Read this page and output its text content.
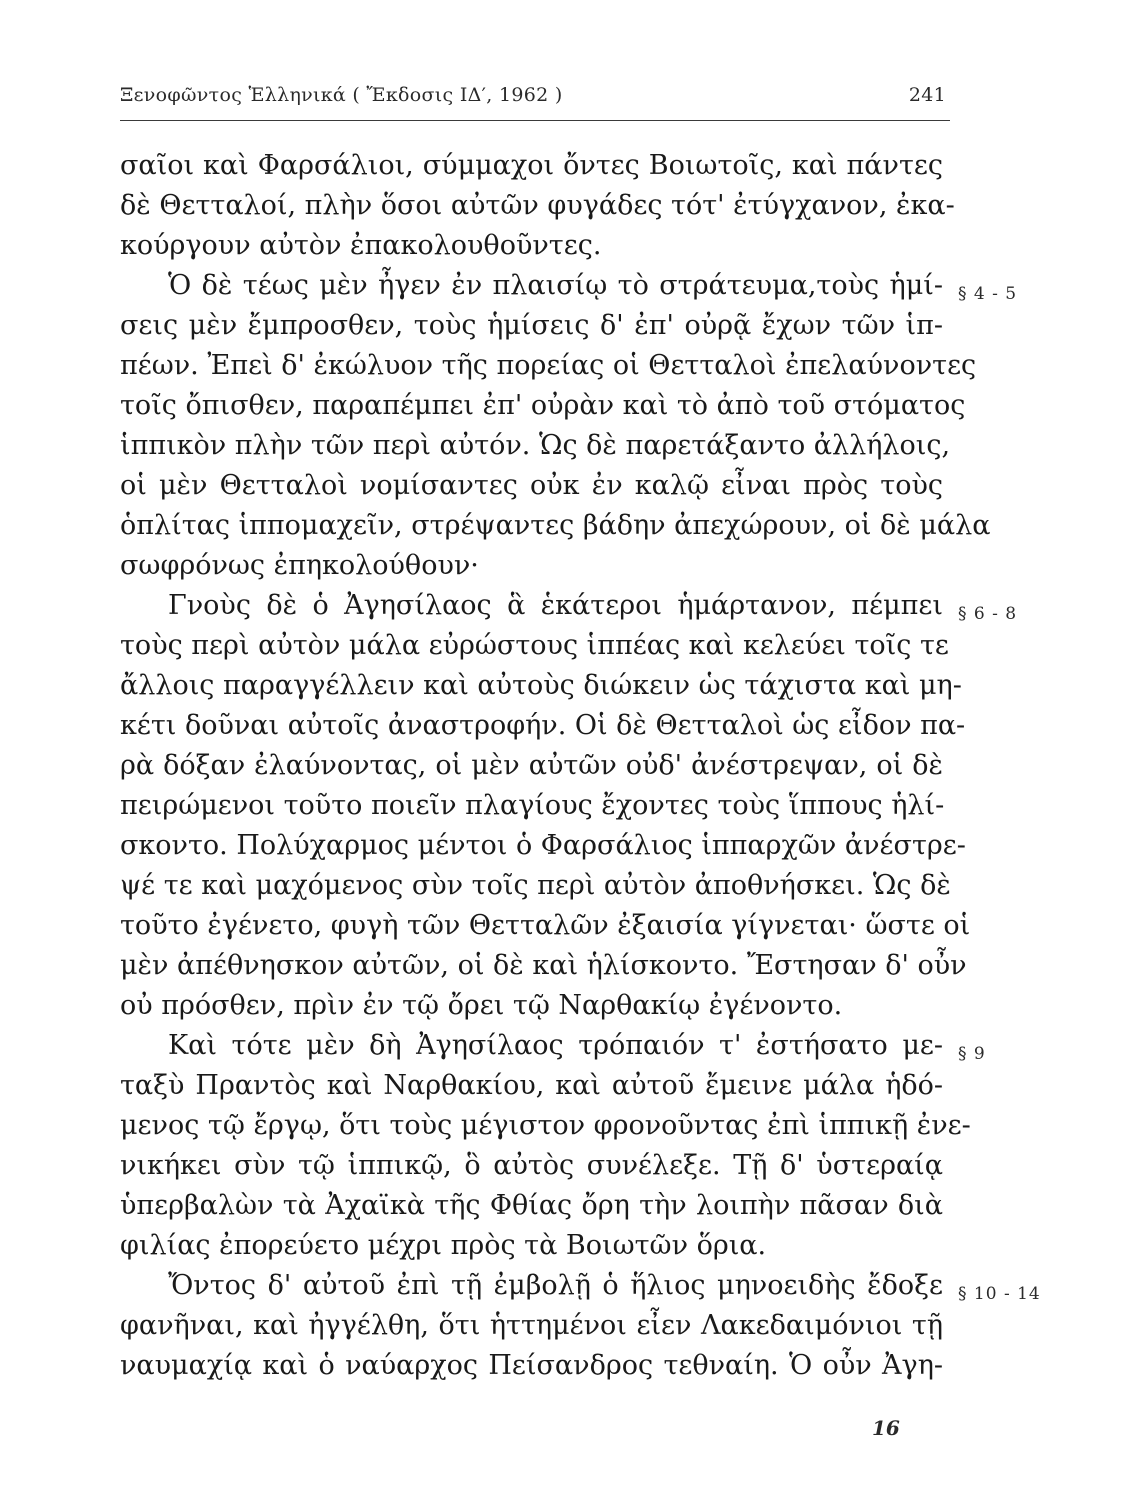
Ξενοφῶντος Ἑλληνικά ( Ἔκδοσις ΙΔ′, 1962 )	241
σαῖοι καὶ Φαρσάλιοι, σύμμαχοι ὄντες Βοιωτοῖς, καὶ πάντες
δὲ Θετταλοί, πλὴν ὅσοι αὐτῶν φυγάδες τότ' ἐτύγχανον, ἐκα-
κούργουν αὐτὸν ἐπακολουθοῦντες.
Ὁ δὲ τέως μὲν ἦγεν ἐν πλαισίῳ τὸ στράτευμα,τοὺς ἡμί-
σεις μὲν ἔμπροσθεν, τοὺς ἡμίσεις δ' ἐπ' οὐρᾷ ἔχων τῶν ἱπ-
πέων. Ἐπεὶ δ' ἐκώλυον τῆς πορείας οἱ Θετταλοὶ ἐπελαύνοντες
τοῖς ὄπισθεν, παραπέμπει ἐπ' οὐρὰν καὶ τὸ ἀπὸ τοῦ στόματος
ἱππικὸν πλὴν τῶν περὶ αὐτόν. Ὡς δὲ παρετάξαντο ἀλλήλοις,
οἱ μὲν Θετταλοὶ νομίσαντες οὐκ ἐν καλῷ εἶναι πρὸς τοὺς
ὁπλίτας ἱππομαχεῖν, στρέψαντες βάδην ἀπεχώρουν, οἱ δὲ μάλα
σωφρόνως ἐπηκολούθουν·
Γνοὺς δὲ ὁ Ἀγησίλαος ἃ ἑκάτεροι ἡμάρτανον, πέμπει
τοὺς περὶ αὐτὸν μάλα εὐρώστους ἱππέας καὶ κελεύει τοῖς τε
ἄλλοις παραγγέλλειν καὶ αὐτοὺς διώκειν ὡς τάχιστα καὶ μη-
κέτι δοῦναι αὐτοῖς ἀναστροφήν. Οἱ δὲ Θετταλοὶ ὡς εἶδον πα-
ρὰ δόξαν ἐλαύνοντας, οἱ μὲν αὐτῶν οὐδ' ἀνέστρεψαν, οἱ δὲ
πειρώμενοι τοῦτο ποιεῖν πλαγίους ἔχοντες τοὺς ἵππους ἡλί-
σκοντο. Πολύχαρμος μέντοι ὁ Φαρσάλιος ἱππαρχῶν ἀνέστρε-
ψέ τε καὶ μαχόμενος σὺν τοῖς περὶ αὐτὸν ἀποθνήσκει. Ὡς δὲ
τοῦτο ἐγένετο, φυγὴ τῶν Θετταλῶν ἐξαισία γίγνεται· ὥστε οἱ
μὲν ἀπέθνησκον αὐτῶν, οἱ δὲ καὶ ἡλίσκοντο. Ἔστησαν δ' οὖν
οὐ πρόσθεν, πρὶν ἐν τῷ ὄρει τῷ Ναρθακίῳ ἐγένοντο.
Καὶ τότε μὲν δὴ Ἀγησίλαος τρόπαιόν τ' ἐστήσατο με-
ταξὺ Πραντὸς καὶ Ναρθακίου, καὶ αὐτοῦ ἔμεινε μάλα ἡδό-
μενος τῷ ἔργῳ, ὅτι τοὺς μέγιστον φρονοῦντας ἐπὶ ἱππικῇ ἐνε-
νικήκει σὺν τῷ ἱππικῷ, ὃ αὐτὸς συνέλεξε. Τῇ δ' ὑστεραίᾳ
ὑπερβαλὼν τὰ Ἀχαϊκὰ τῆς Φθίας ὄρη τὴν λοιπὴν πᾶσαν διὰ
φιλίας ἐπορεύετο μέχρι πρὸς τὰ Βοιωτῶν ὅρια.
Ὄντος δ' αὐτοῦ ἐπὶ τῇ ἐμβολῇ ὁ ἥλιος μηνοειδὴς ἔδοξε
φανῆναι, καὶ ἠγγέλθη, ὅτι ἡττημένοι εἶεν Λακεδαιμόνιοι τῇ
ναυμαχίᾳ καὶ ὁ ναύαρχος Πείσανδρος τεθναίη. Ὁ οὖν Ἀγη-
§ 4 - 5
§ 6 - 8
§ 9
§ 10 - 14
16
